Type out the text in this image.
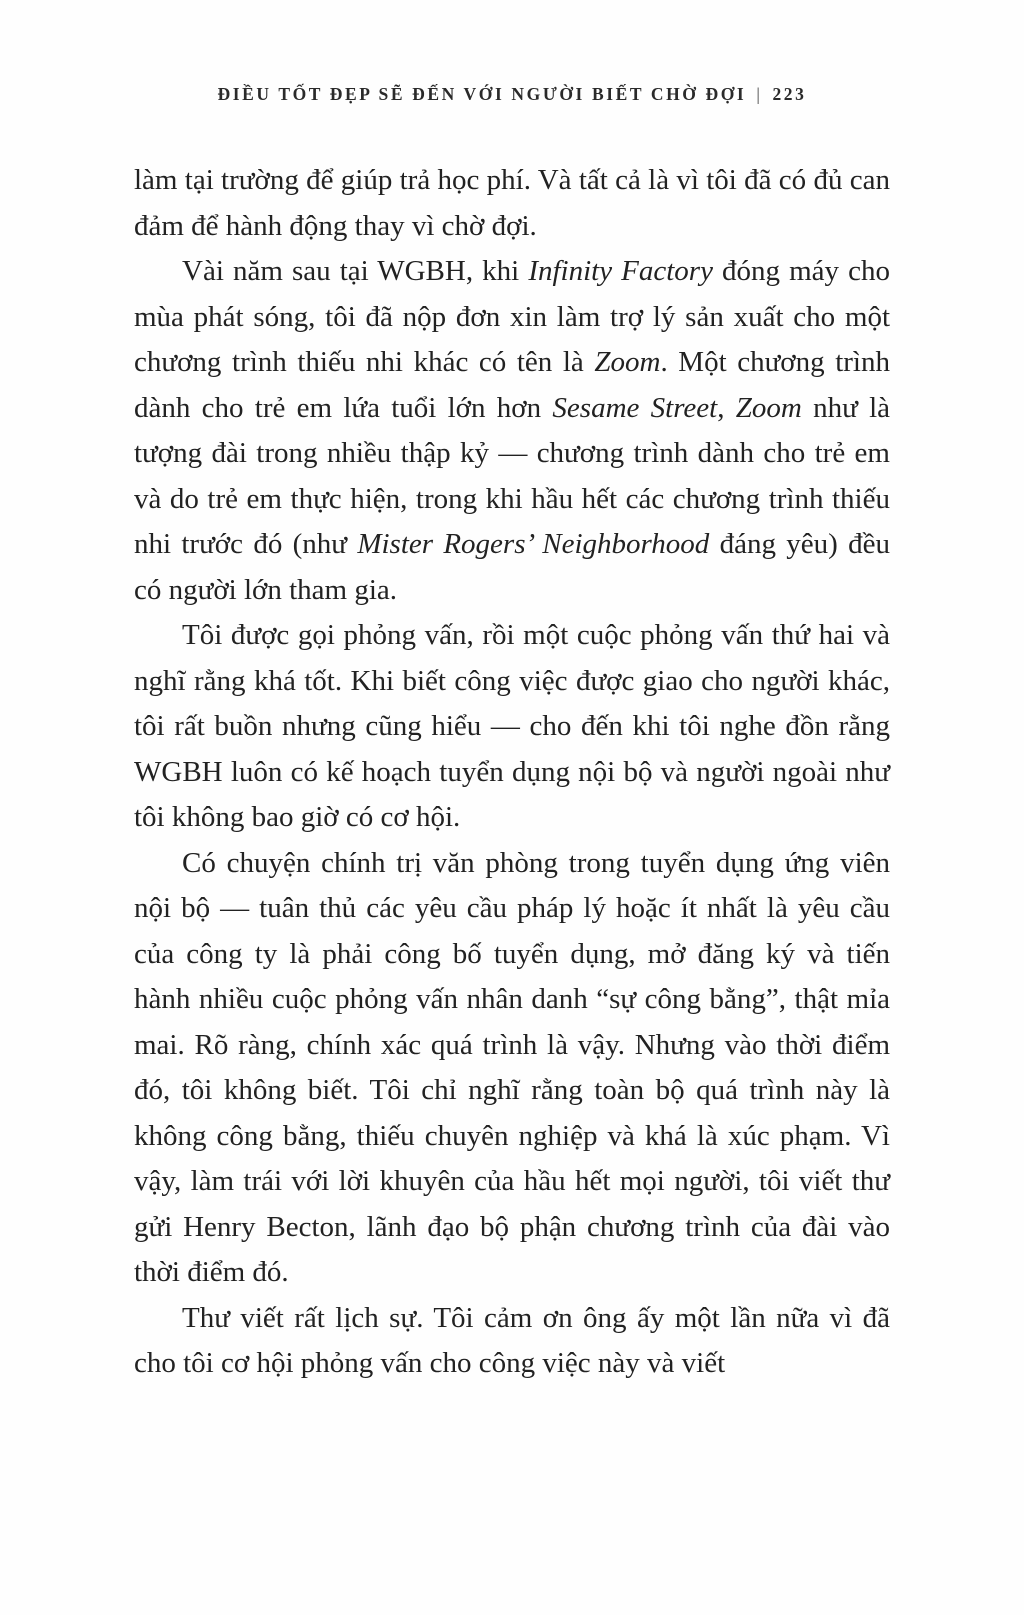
ĐIỀU TỐT ĐẸP SẼ ĐẾN VỚI NGƯỜI BIẾT CHỜ ĐỢI | 223

làm tại trường để giúp trả học phí. Và tất cả là vì tôi đã có đủ can đảm để hành động thay vì chờ đợi.

Vài năm sau tại WGBH, khi Infinity Factory đóng máy cho mùa phát sóng, tôi đã nộp đơn xin làm trợ lý sản xuất cho một chương trình thiếu nhi khác có tên là Zoom. Một chương trình dành cho trẻ em lứa tuổi lớn hơn Sesame Street, Zoom như là tượng đài trong nhiều thập kỷ — chương trình dành cho trẻ em và do trẻ em thực hiện, trong khi hầu hết các chương trình thiếu nhi trước đó (như Mister Rogers’ Neighborhood đáng yêu) đều có người lớn tham gia.

Tôi được gọi phỏng vấn, rồi một cuộc phỏng vấn thứ hai và nghĩ rằng khá tốt. Khi biết công việc được giao cho người khác, tôi rất buồn nhưng cũng hiểu — cho đến khi tôi nghe đồn rằng WGBH luôn có kế hoạch tuyển dụng nội bộ và người ngoài như tôi không bao giờ có cơ hội.

Có chuyện chính trị văn phòng trong tuyển dụng ứng viên nội bộ — tuân thủ các yêu cầu pháp lý hoặc ít nhất là yêu cầu của công ty là phải công bố tuyển dụng, mở đăng ký và tiến hành nhiều cuộc phỏng vấn nhân danh “sự công bằng”, thật mỉa mai. Rõ ràng, chính xác quá trình là vậy. Nhưng vào thời điểm đó, tôi không biết. Tôi chỉ nghĩ rằng toàn bộ quá trình này là không công bằng, thiếu chuyên nghiệp và khá là xúc phạm. Vì vậy, làm trái với lời khuyên của hầu hết mọi người, tôi viết thư gửi Henry Becton, lãnh đạo bộ phận chương trình của đài vào thời điểm đó.

Thư viết rất lịch sự. Tôi cảm ơn ông ấy một lần nữa vì đã cho tôi cơ hội phỏng vấn cho công việc này và viết
